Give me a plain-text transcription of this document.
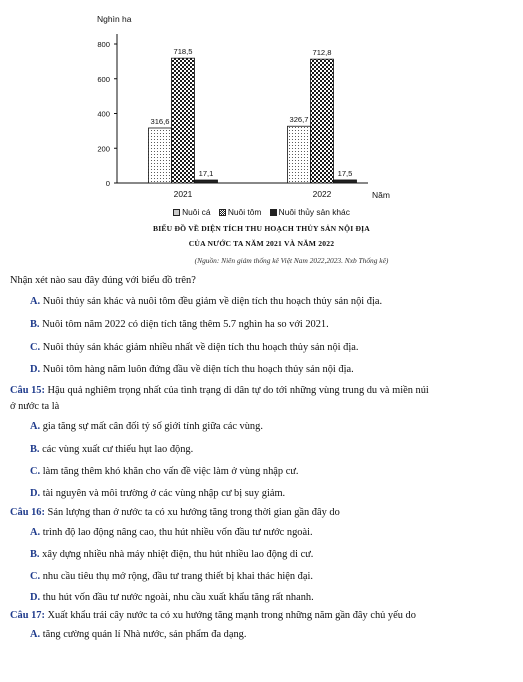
Nghìn ha
Năm
800
600
400
200
0
316,6
718,5
17,1
2021
326,7
712,8
17,5
2022
BIỂU ĐỒ VỀ DIỆN TÍCH THU HOẠCH THỦY SẢN NỘI ĐỊA
CỦA NƯỚC TA NĂM 2021 VÀ NĂM 2022
(Nguồn: Niên giám thống kê Việt Nam 2022,2023. Nxb Thống kê)
Nuôi cá Nuôi tôm Nuôi thủy sản khác
Nhận xét nào sau đây đúng với biểu đồ trên?
A. Nuôi thủy sản khác và nuôi tôm đều giảm về diện tích thu hoạch thủy sản nội địa.
B. Nuôi tôm năm 2022 có diện tích tăng thêm 5.7 nghìn ha so với 2021.
C. Nuôi thủy sản khác giảm nhiều nhất về diện tích thu hoạch thủy sản nội địa.
D. Nuôi tôm hàng năm luôn đứng đầu về diện tích thu hoạch thủy sản nội địa.
Câu 15: Hậu quả nghiêm trọng nhất của tình trạng di dân tự do tới những vùng trung du và miền núi
ở nước ta là
A. gia tăng sự mất cân đối tỷ số giới tính giữa các vùng.
B. các vùng xuất cư thiếu hụt lao động.
C. làm tăng thêm khó khăn cho vấn đề việc làm ở vùng nhập cư.
D. tài nguyên và môi trường ở các vùng nhập cư bị suy giảm.
Câu 16: Sản lượng than ở nước ta có xu hướng tăng trong thời gian gần đây do
A. trình độ lao động nâng cao, thu hút nhiều vốn đầu tư nước ngoài.
B. xây dựng nhiều nhà máy nhiệt điện, thu hút nhiều lao động di cư.
C. nhu cầu tiêu thụ mở rộng, đầu tư trang thiết bị khai thác hiện đại.
D. thu hút vốn đầu tư nước ngoài, nhu cầu xuất khẩu tăng rất nhanh.
Câu 17: Xuất khẩu trái cây nước ta có xu hướng tăng mạnh trong những năm gần đây chủ yếu do
A. tăng cường quản lí Nhà nước, sản phẩm đa dạng.
